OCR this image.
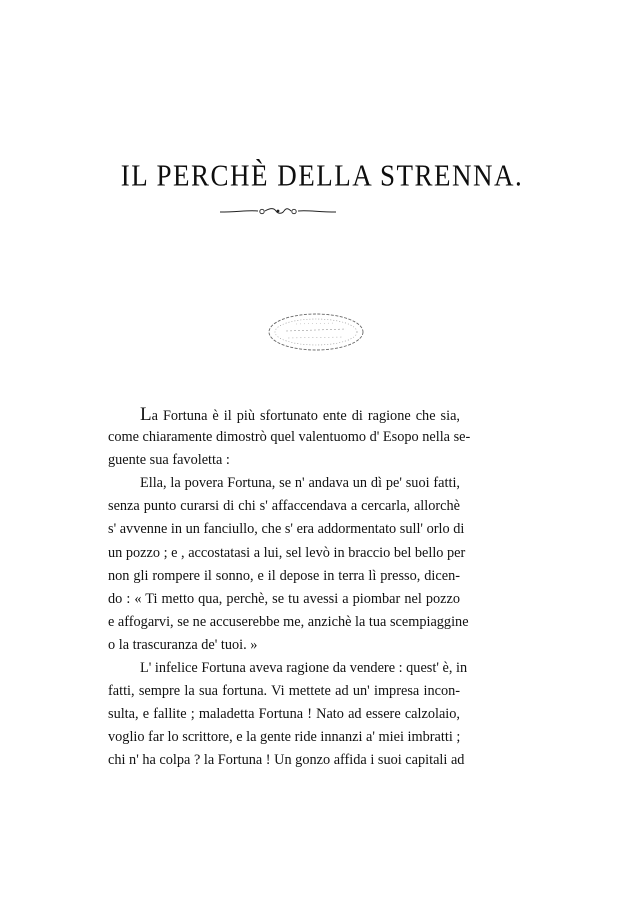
IL PERCHÈ DELLA STRENNA.
La Fortuna è il più sfortunato ente di ragione che sia,
come chiaramente dimostrò quel valentuomo d' Esopo nella se-
guente sua favoletta :
Ella, la povera Fortuna, se n' andava un dì pe' suoi fatti,
senza punto curarsi di chi s' affaccendava a cercarla, allorchè
s' avvenne in un fanciullo, che s' era addormentato sull' orlo di
un pozzo ; e , accostatasi a lui, sel levò in braccio bel bello per
non gli rompere il sonno, e il depose in terra lì presso, dicen-
do : « Ti metto qua, perchè, se tu avessi a piombar nel pozzo
e affogarvi, se ne accuserebbe me, anzichè la tua scempiaggine
o la trascuranza de' tuoi. »
L' infelice Fortuna aveva ragione da vendere : quest' è, in
fatti, sempre la sua fortuna. Vi mettete ad un' impresa incon-
sulta, e fallite ; maladetta Fortuna ! Nato ad essere calzolaio,
voglio far lo scrittore, e la gente ride innanzi a' miei imbratti ;
chi n' ha colpa ? la Fortuna ! Un gonzo affida i suoi capitali ad
